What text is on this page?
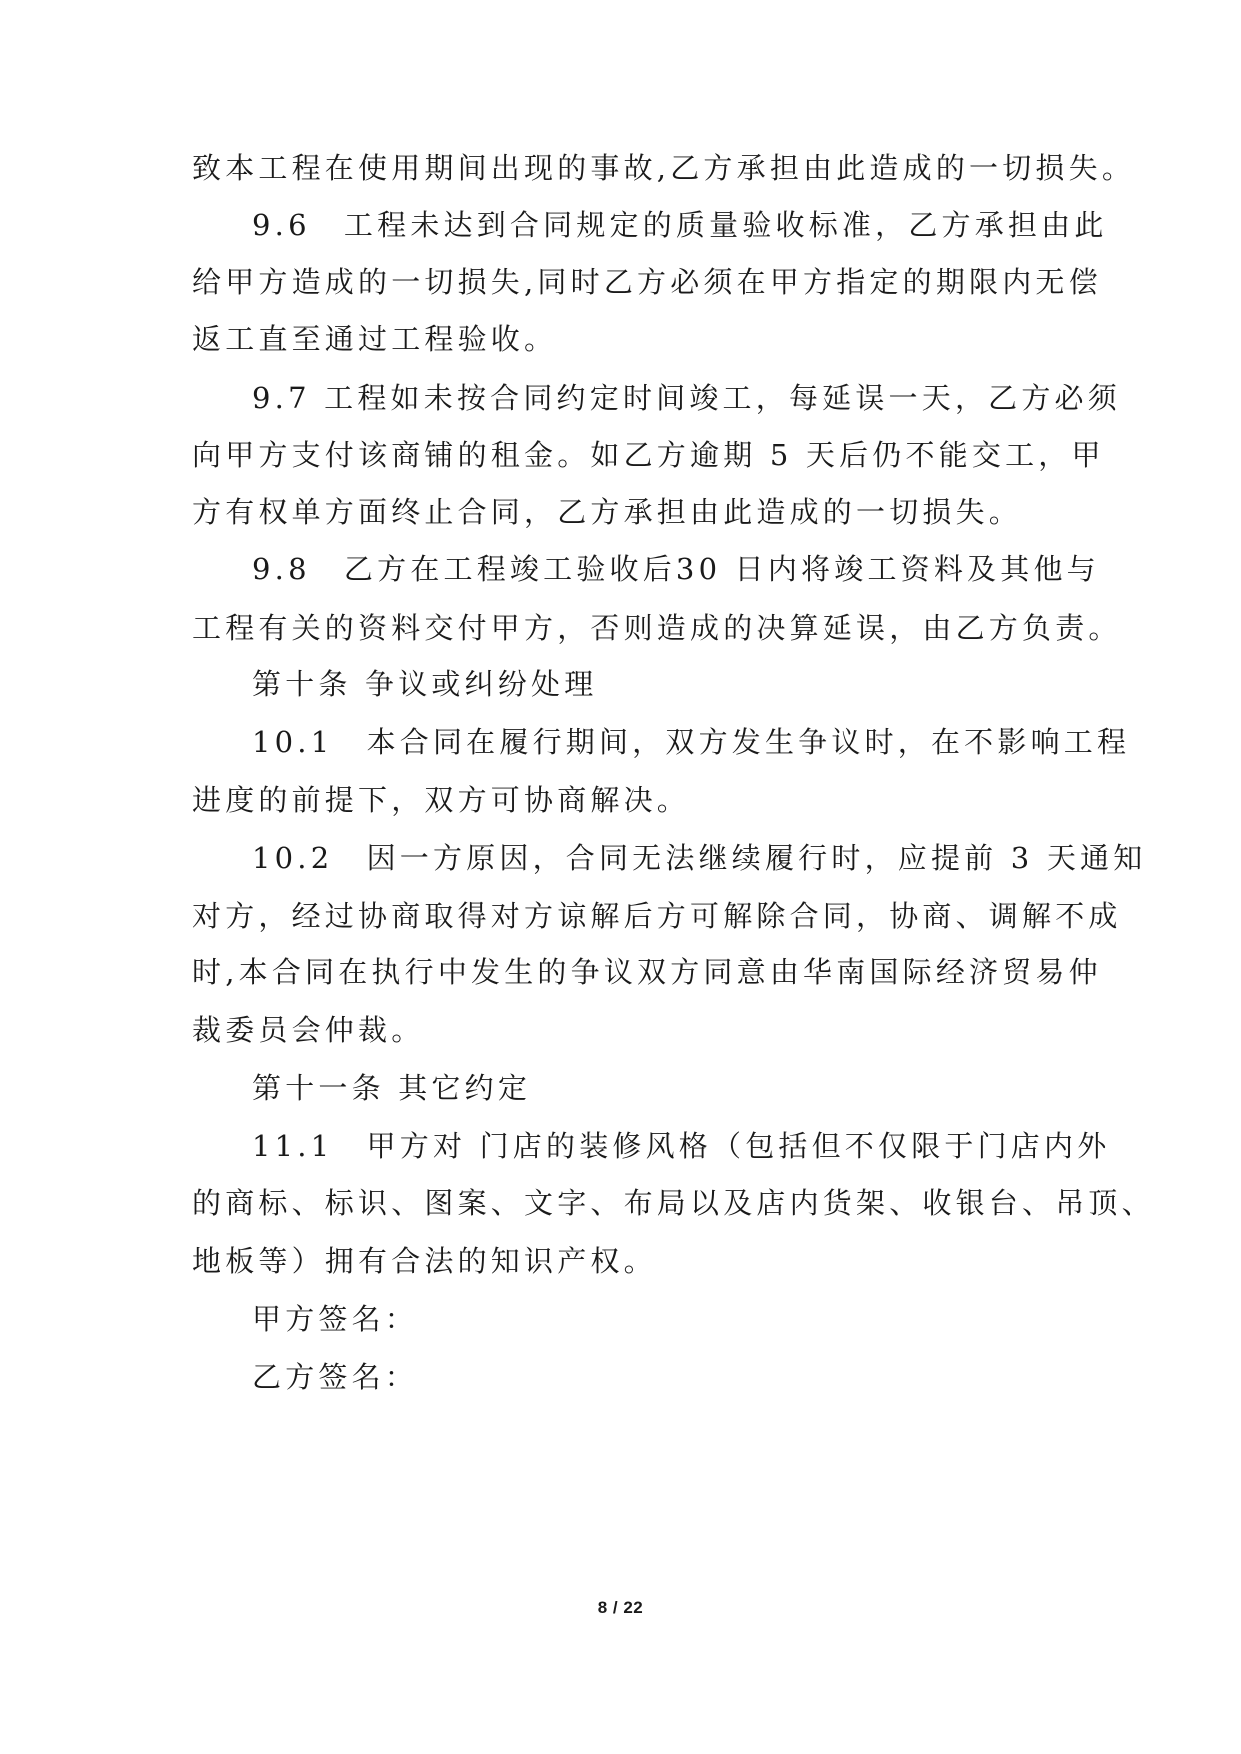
致本工程在使用期间出现的事故,乙方承担由此造成的一切损失。
9.6　工程未达到合同规定的质量验收标准，乙方承担由此
给甲方造成的一切损失,同时乙方必须在甲方指定的期限内无偿
返工直至通过工程验收。
9.7 工程如未按合同约定时间竣工，每延误一天，乙方必须
向甲方支付该商铺的租金。如乙方逾期 5 天后仍不能交工，甲
方有权单方面终止合同，乙方承担由此造成的一切损失。
9.8　乙方在工程竣工验收后30 日内将竣工资料及其他与
工程有关的资料交付甲方，否则造成的决算延误，由乙方负责。
第十条 争议或纠纷处理
10.1　本合同在履行期间，双方发生争议时，在不影响工程
进度的前提下，双方可协商解决。
10.2　因一方原因，合同无法继续履行时，应提前 3 天通知
对方，经过协商取得对方谅解后方可解除合同，协商、调解不成
时,本合同在执行中发生的争议双方同意由华南国际经济贸易仲
裁委员会仲裁。
第十一条 其它约定
11.1　甲方对 门店的装修风格（包括但不仅限于门店内外
的商标、标识、图案、文字、布局以及店内货架、收银台、吊顶、
地板等）拥有合法的知识产权。
甲方签名：
乙方签名：
8 / 22
